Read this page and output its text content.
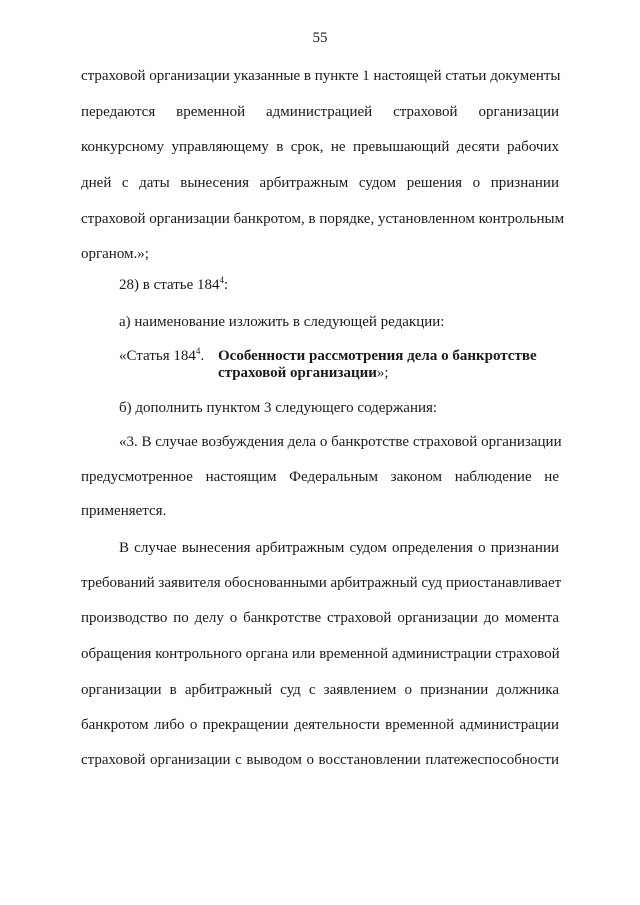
55
страховой организации указанные в пункте 1 настоящей статьи документы
передаются временной администрацией страховой организации
конкурсному управляющему в срок, не превышающий десяти рабочих
дней с даты вынесения арбитражным судом решения о признании
страховой организации банкротом, в порядке, установленном контрольным
органом.»;
28) в статье $184^4$:
а) наименование изложить в следующей редакции:
«Статья $184^4$. Особенности рассмотрения дела о банкротстве
страховой организации»;
б) дополнить пунктом 3 следующего содержания:
«3. В случае возбуждения дела о банкротстве страховой организации
предусмотренное настоящим Федеральным законом наблюдение не
применяется.
В случае вынесения арбитражным судом определения о признании
требований заявителя обоснованными арбитражный суд приостанавливает
производство по делу о банкротстве страховой организации до момента
обращения контрольного органа или временной администрации страховой
организации в арбитражный суд с заявлением о признании должника
банкротом либо о прекращении деятельности временной администрации
страховой организации с выводом о восстановлении платежеспособности
